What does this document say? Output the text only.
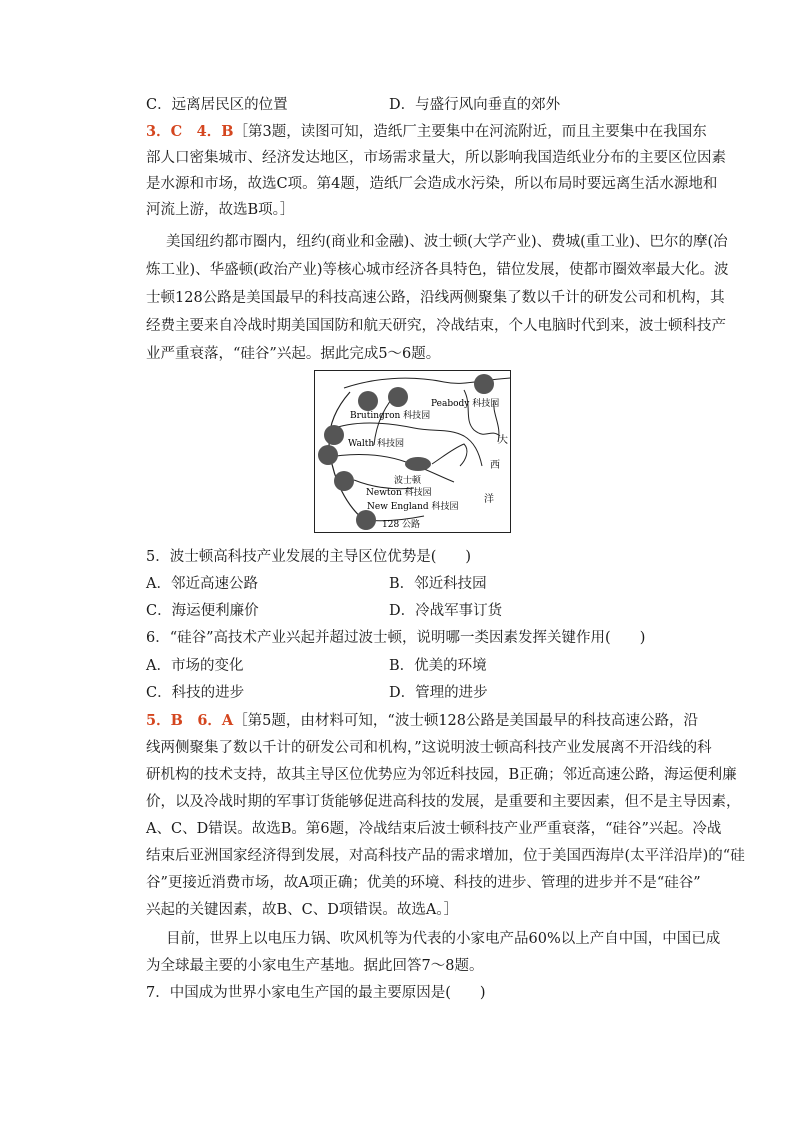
C．远离居民区的位置	D．与盛行风向垂直的郊外
3．C　4．B［第3题，读图可知，造纸厂主要集中在河流附近，而且主要集中在我国东
部人口密集城市、经济发达地区，市场需求量大，所以影响我国造纸业分布的主要区位因素
是水源和市场，故选C项。第4题，造纸厂会造成水污染，所以布局时要远离生活水源地和
河流上游，故选B项。］
美国纽约都市圈内，纽约(商业和金融)、波士顿(大学产业)、费城(重工业)、巴尔的摩(冶
炼工业)、华盛顿(政治产业)等核心城市经济各具特色，错位发展，使都市圈效率最大化。波
士顿128公路是美国最早的科技高速公路，沿线两侧聚集了数以千计的研发公司和机构，其
经费主要来自冷战时期美国国防和航天研究，冷战结束，个人电脑时代到来，波士顿科技产
业严重衰落，“硅谷”兴起。据此完成5～6题。
Brutingron 科技园
Peabody 科技园
Walth 科技园
波士顿
Newton 科技园
New England 科技园
128 公路
大
西
洋
5．波士顿高科技产业发展的主导区位优势是(　　)
A．邻近高速公路	B．邻近科技园
C．海运便利廉价	D．冷战军事订货
6．“硅谷”高技术产业兴起并超过波士顿，说明哪一类因素发挥关键作用(　　)
A．市场的变化	B．优美的环境
C．科技的进步	D．管理的进步
5．B　6．A［第5题，由材料可知，“波士顿128公路是美国最早的科技高速公路，沿
线两侧聚集了数以千计的研发公司和机构，”这说明波士顿高科技产业发展离不开沿线的科
研机构的技术支持，故其主导区位优势应为邻近科技园，B正确；邻近高速公路，海运便利廉
价，以及冷战时期的军事订货能够促进高科技的发展，是重要和主要因素，但不是主导因素，
A、C、D错误。故选B。第6题，冷战结束后波士顿科技产业严重衰落，“硅谷”兴起。冷战
结束后亚洲国家经济得到发展，对高科技产品的需求增加，位于美国西海岸(太平洋沿岸)的“硅
谷”更接近消费市场，故A项正确；优美的环境、科技的进步、管理的进步并不是“硅谷”
兴起的关键因素，故B、C、D项错误。故选A。］
目前，世界上以电压力锅、吹风机等为代表的小家电产品60%以上产自中国，中国已成
为全球最主要的小家电生产基地。据此回答7～8题。
7．中国成为世界小家电生产国的最主要原因是(　　)
